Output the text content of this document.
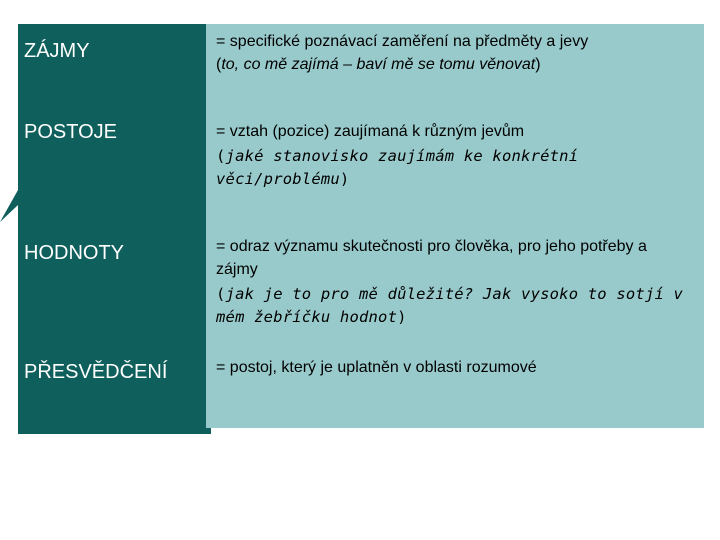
ZÁJMY	= specifické poznávací zaměření na předměty a jevy
(to, co mě zajímá – baví mě se tomu věnovat)
POSTOJE	= vztah (pozice) zaujímaná k různým jevům
(jaké stanovisko zaujímám ke konkrétní věci/problému)
HODNOTY	= odraz významu skutečnosti pro člověka, pro jeho potřeby a zájmy
(jak je to pro mě důležité? Jak vysoko to sotjí v mém žebříčku hodnot)
PŘESVĚDČENÍ	= postoj, který je uplatněn v oblasti rozumové
